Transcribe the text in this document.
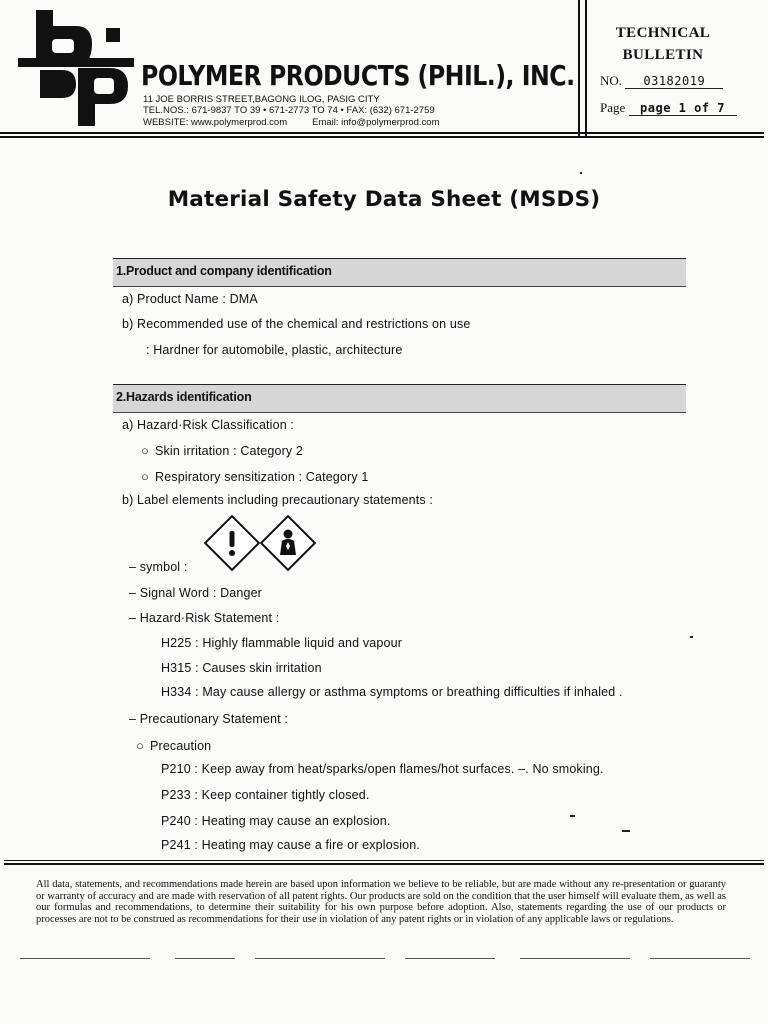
bpp
POLYMER PRODUCTS (PHIL.), INC.
11 JOE BORRIS STREET,BAGONG ILOG, PASIG CITY
TEL.NOS.: 671-9837 TO 39 • 671-2773 TO 74 • FAX: (632) 671-2759
WEBSITE: www.polymerprod.com	Email: info@polymerprod.com
TECHNICAL
BULLETIN
NO. 03182019
Page page 1 of 7
Material Safety Data Sheet (MSDS)
1.Product and company identification
a) Product Name : DMA
b) Recommended use of the chemical and restrictions on use
: Hardner for automobile, plastic, architecture
2.Hazards identification
a) Hazard·Risk Classification :
○ Skin irritation : Category 2
○ Respiratory sensitization : Category 1
b) Label elements including precautionary statements :
– symbol :
– Signal Word : Danger
– Hazard·Risk Statement :
H225 : Highly flammable liquid and vapour
H315 : Causes skin irritation
H334 : May cause allergy or asthma symptoms or breathing difficulties if inhaled .
– Precautionary Statement :
○ Precaution
P210 : Keep away from heat/sparks/open flames/hot surfaces. –. No smoking.
P233 : Keep container tightly closed.
P240 : Heating may cause an explosion.
P241 : Heating may cause a fire or explosion.
All data, statements, and recommendations made herein are based upon information we believe to be reliable, but are made without any re-presentation or guaranty or warranty of accuracy and are made with reservation of all patent rights. Our products are sold on the condition that the user himself will evaluate them, as well as our formulas and recommendations, to determine their suitability for his own purpose before adoption. Also, statements regarding the use of our products or processes are not to be construed as recommendations for their use in violation of any patent rights or in violation of any applicable laws or regulations.
